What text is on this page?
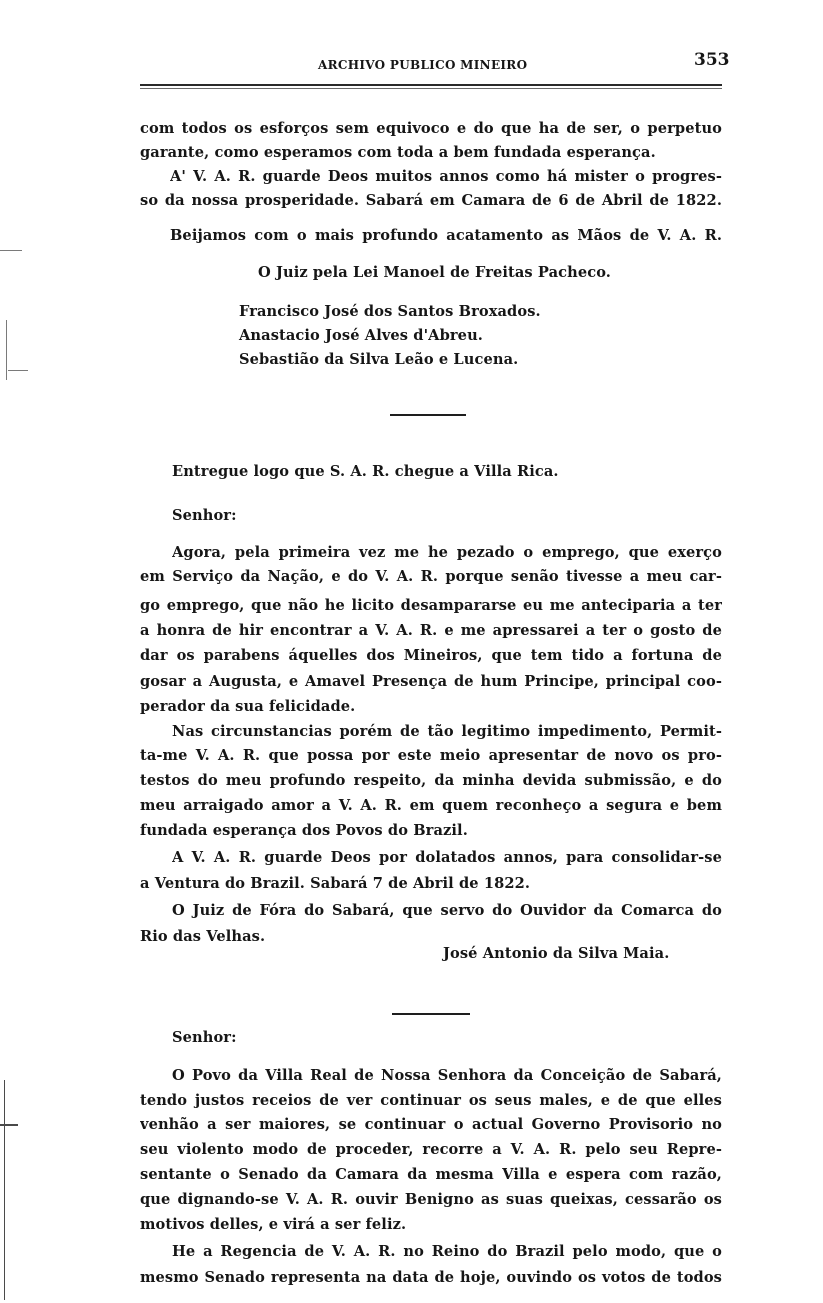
ARCHIVO PUBLICO MINEIRO	353
com todos os esforços sem equivoco e do que ha de ser, o perpetuo
garante, como esperamos com toda a bem fundada esperança.
A' V. A. R. guarde Deos muitos annos como há mister o progres-
so da nossa prosperidade. Sabará em Camara de 6 de Abril de 1822.
Beijamos com o mais profundo acatamento as Mãos de V. A. R.
O Juiz pela Lei Manoel de Freitas Pacheco.
Francisco José dos Santos Broxados.
Anastacio José Alves d'Abreu.
Sebastião da Silva Leão e Lucena.
Entregue logo que S. A. R. chegue a Villa Rica.
Senhor:
Agora, pela primeira vez me he pezado o emprego, que exerço
em Serviço da Nação, e do V. A. R. porque senão tivesse a meu car-
go emprego, que não he licito desampararse eu me anteciparia a ter
a honra de hir encontrar a V. A. R. e me apressarei a ter o gosto de
dar os parabens áquelles dos Mineiros, que tem tido a fortuna de
gosar a Augusta, e Amavel Presença de hum Principe, principal coo-
perador da sua felicidade.
Nas circunstancias porém de tão legitimo impedimento, Permit-
ta-me V. A. R. que possa por este meio apresentar de novo os pro-
testos do meu profundo respeito, da minha devida submissão, e do
meu arraigado amor a V. A. R. em quem reconheço a segura e bem
fundada esperança dos Povos do Brazil.
A V. A. R. guarde Deos por dolatados annos, para consolidar-se
a Ventura do Brazil. Sabará 7 de Abril de 1822.
O Juiz de Fóra do Sabará, que servo do Ouvidor da Comarca do
Rio das Velhas.
José Antonio da Silva Maia.
Senhor:
O Povo da Villa Real de Nossa Senhora da Conceição de Sabará,
tendo justos receios de ver continuar os seus males, e de que elles
venhão a ser maiores, se continuar o actual Governo Provisorio no
seu violento modo de proceder, recorre a V. A. R. pelo seu Repre-
sentante o Senado da Camara da mesma Villa e espera com razão,
que dignando-se V. A. R. ouvir Benigno as suas queixas, cessarão os
motivos delles, e virá a ser feliz.
He a Regencia de V. A. R. no Reino do Brazil pelo modo, que o
mesmo Senado representa na data de hoje, ouvindo os votos de todos
